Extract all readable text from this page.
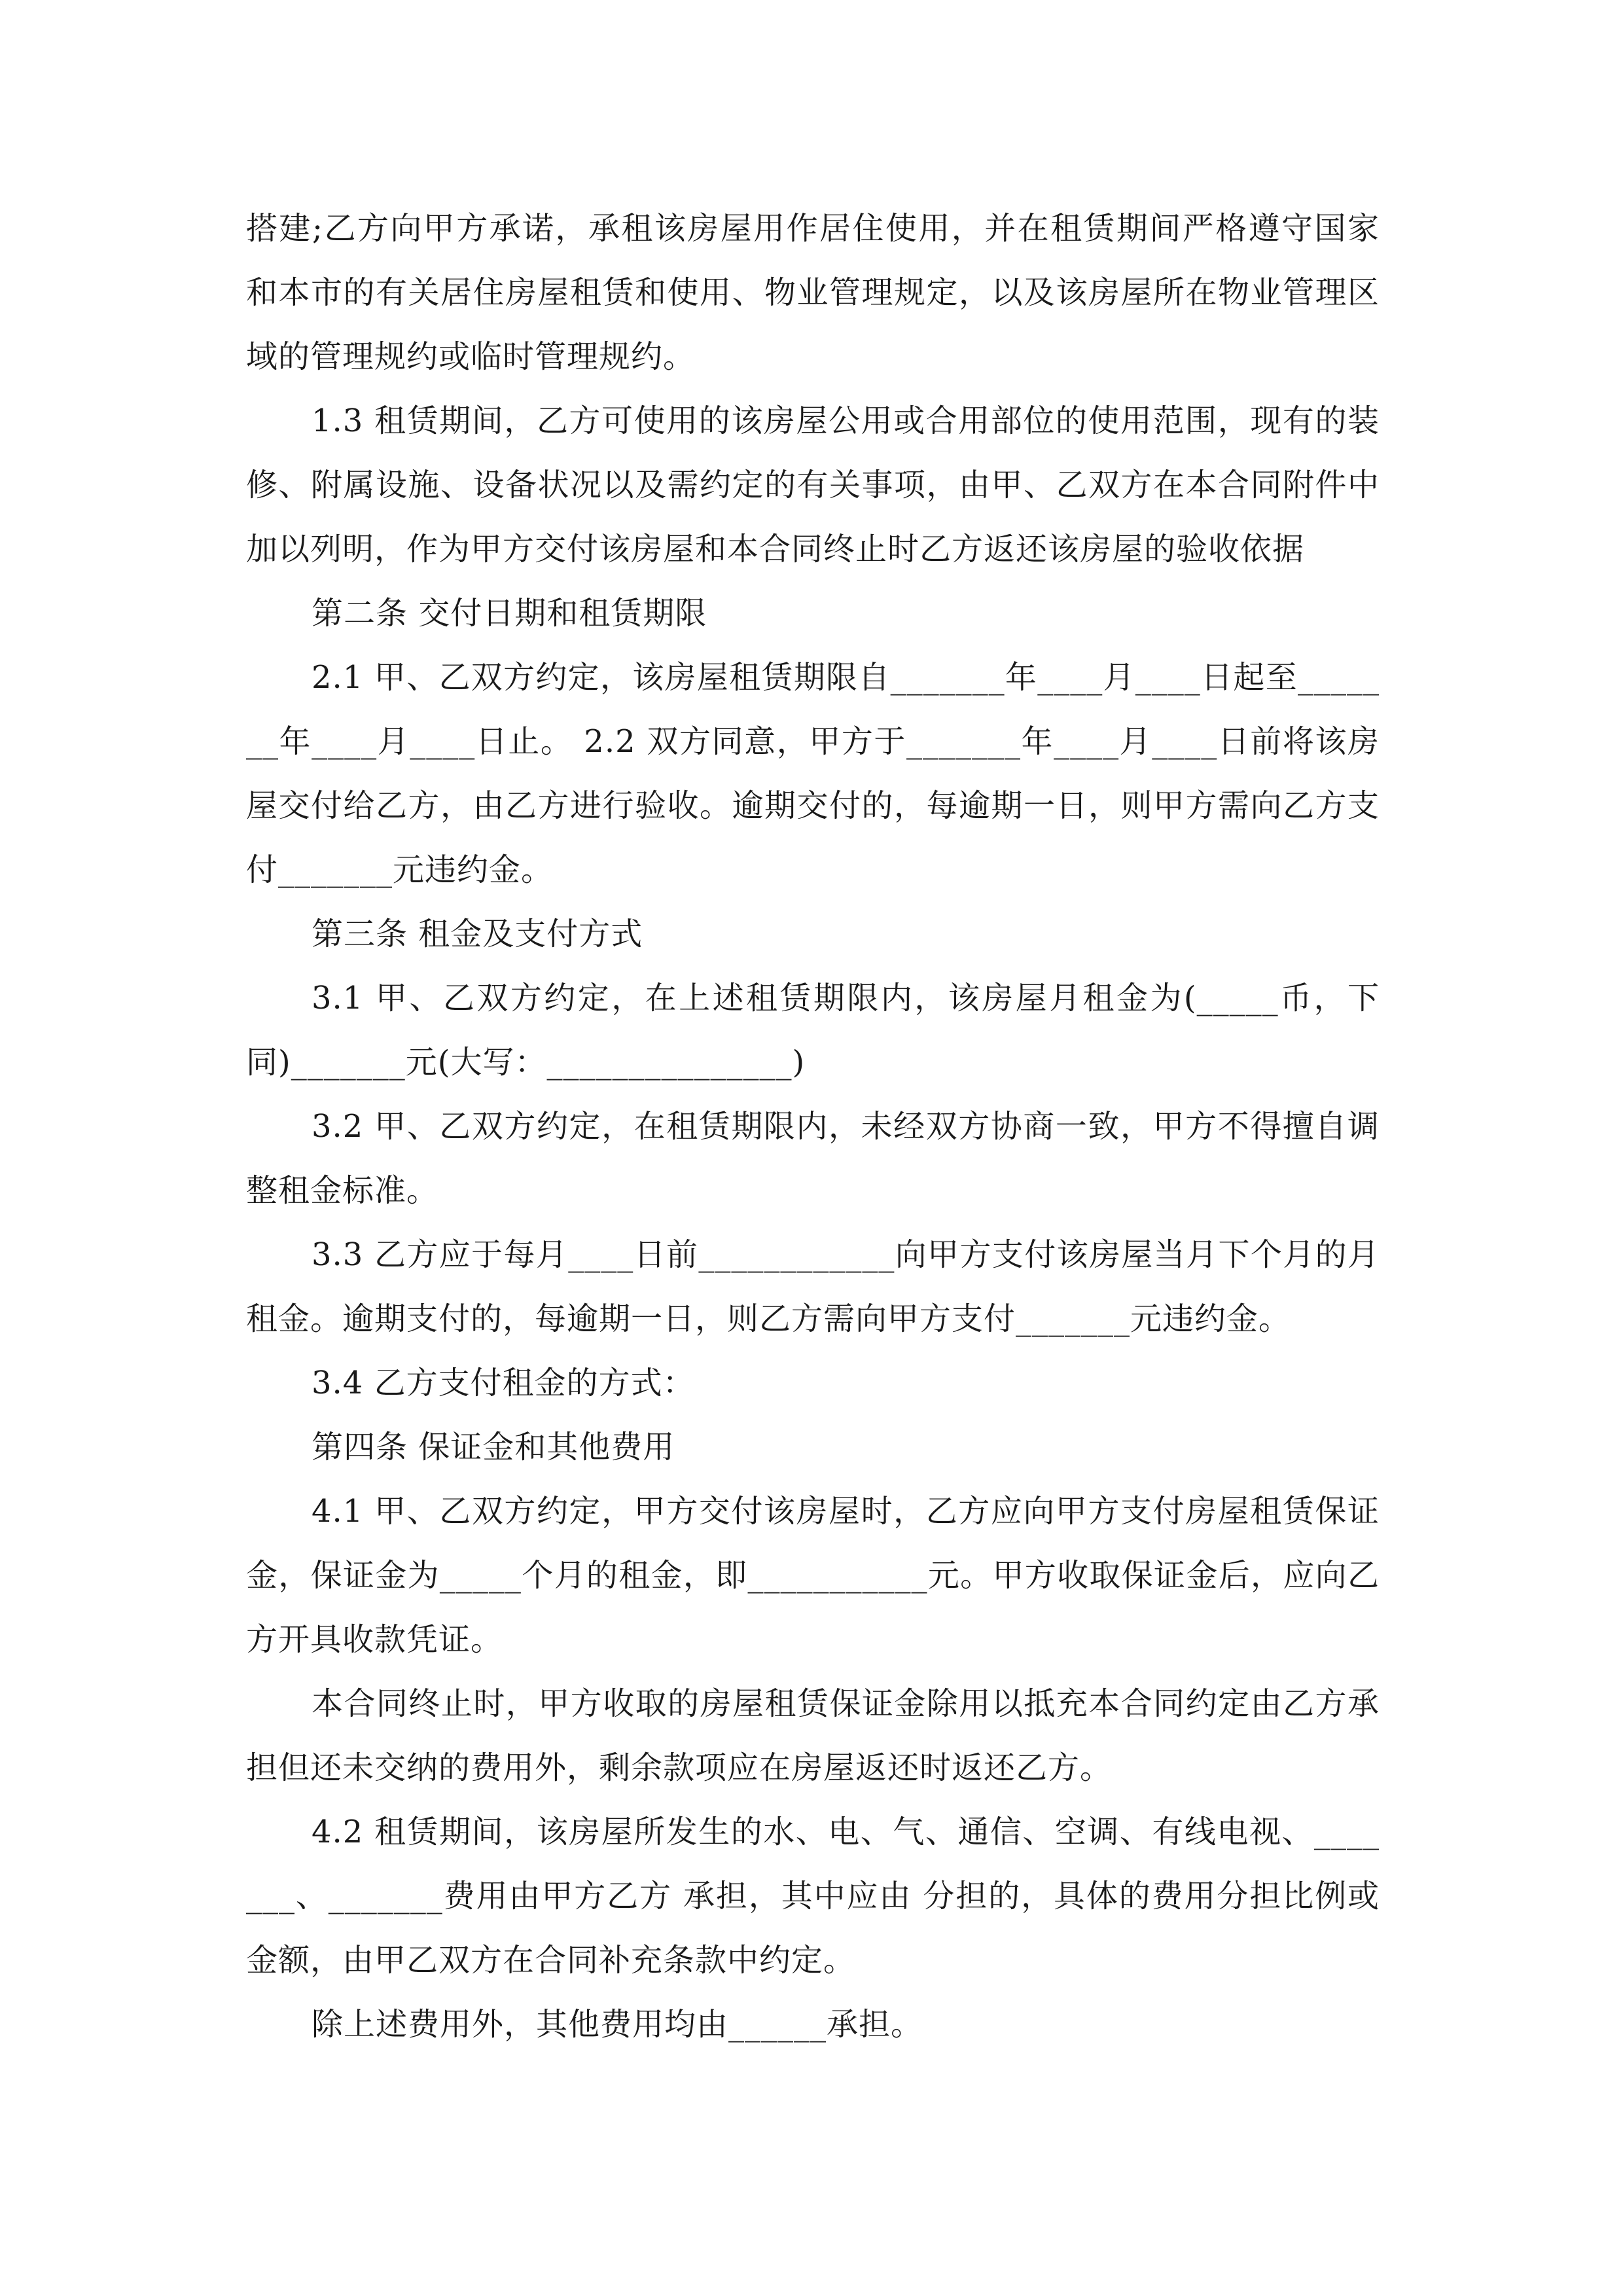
搭建;乙方向甲方承诺，承租该房屋用作居住使用，并在租赁期间严格遵守国家和本市的有关居住房屋租赁和使用、物业管理规定，以及该房屋所在物业管理区域的管理规约或临时管理规约。

1.3 租赁期间，乙方可使用的该房屋公用或合用部位的使用范围，现有的装修、附属设施、设备状况以及需约定的有关事项，由甲、乙双方在本合同附件中加以列明，作为甲方交付该房屋和本合同终止时乙方返还该房屋的验收依据

第二条 交付日期和租赁期限

2.1 甲、乙双方约定，该房屋租赁期限自_______年____月____日起至_______年____月____日止。 2.2 双方同意，甲方于_______年____月____日前将该房屋交付给乙方，由乙方进行验收。逾期交付的，每逾期一日，则甲方需向乙方支付_______元违约金。

第三条 租金及支付方式

3.1 甲、乙双方约定，在上述租赁期限内，该房屋月租金为(_____币，下同)_______元(大写：_______________)

3.2 甲、乙双方约定，在租赁期限内，未经双方协商一致，甲方不得擅自调整租金标准。

3.3 乙方应于每月____日前____________向甲方支付该房屋当月下个月的月租金。逾期支付的，每逾期一日，则乙方需向甲方支付_______元违约金。

3.4 乙方支付租金的方式：

第四条 保证金和其他费用

4.1 甲、乙双方约定，甲方交付该房屋时，乙方应向甲方支付房屋租赁保证金，保证金为_____个月的租金，即___________元。甲方收取保证金后，应向乙方开具收款凭证。

本合同终止时，甲方收取的房屋租赁保证金除用以抵充本合同约定由乙方承担但还未交纳的费用外，剩余款项应在房屋返还时返还乙方。

4.2 租赁期间，该房屋所发生的水、电、气、通信、空调、有线电视、_______、_______费用由甲方乙方 承担，其中应由 分担的，具体的费用分担比例或金额，由甲乙双方在合同补充条款中约定。

除上述费用外，其他费用均由______承担。
